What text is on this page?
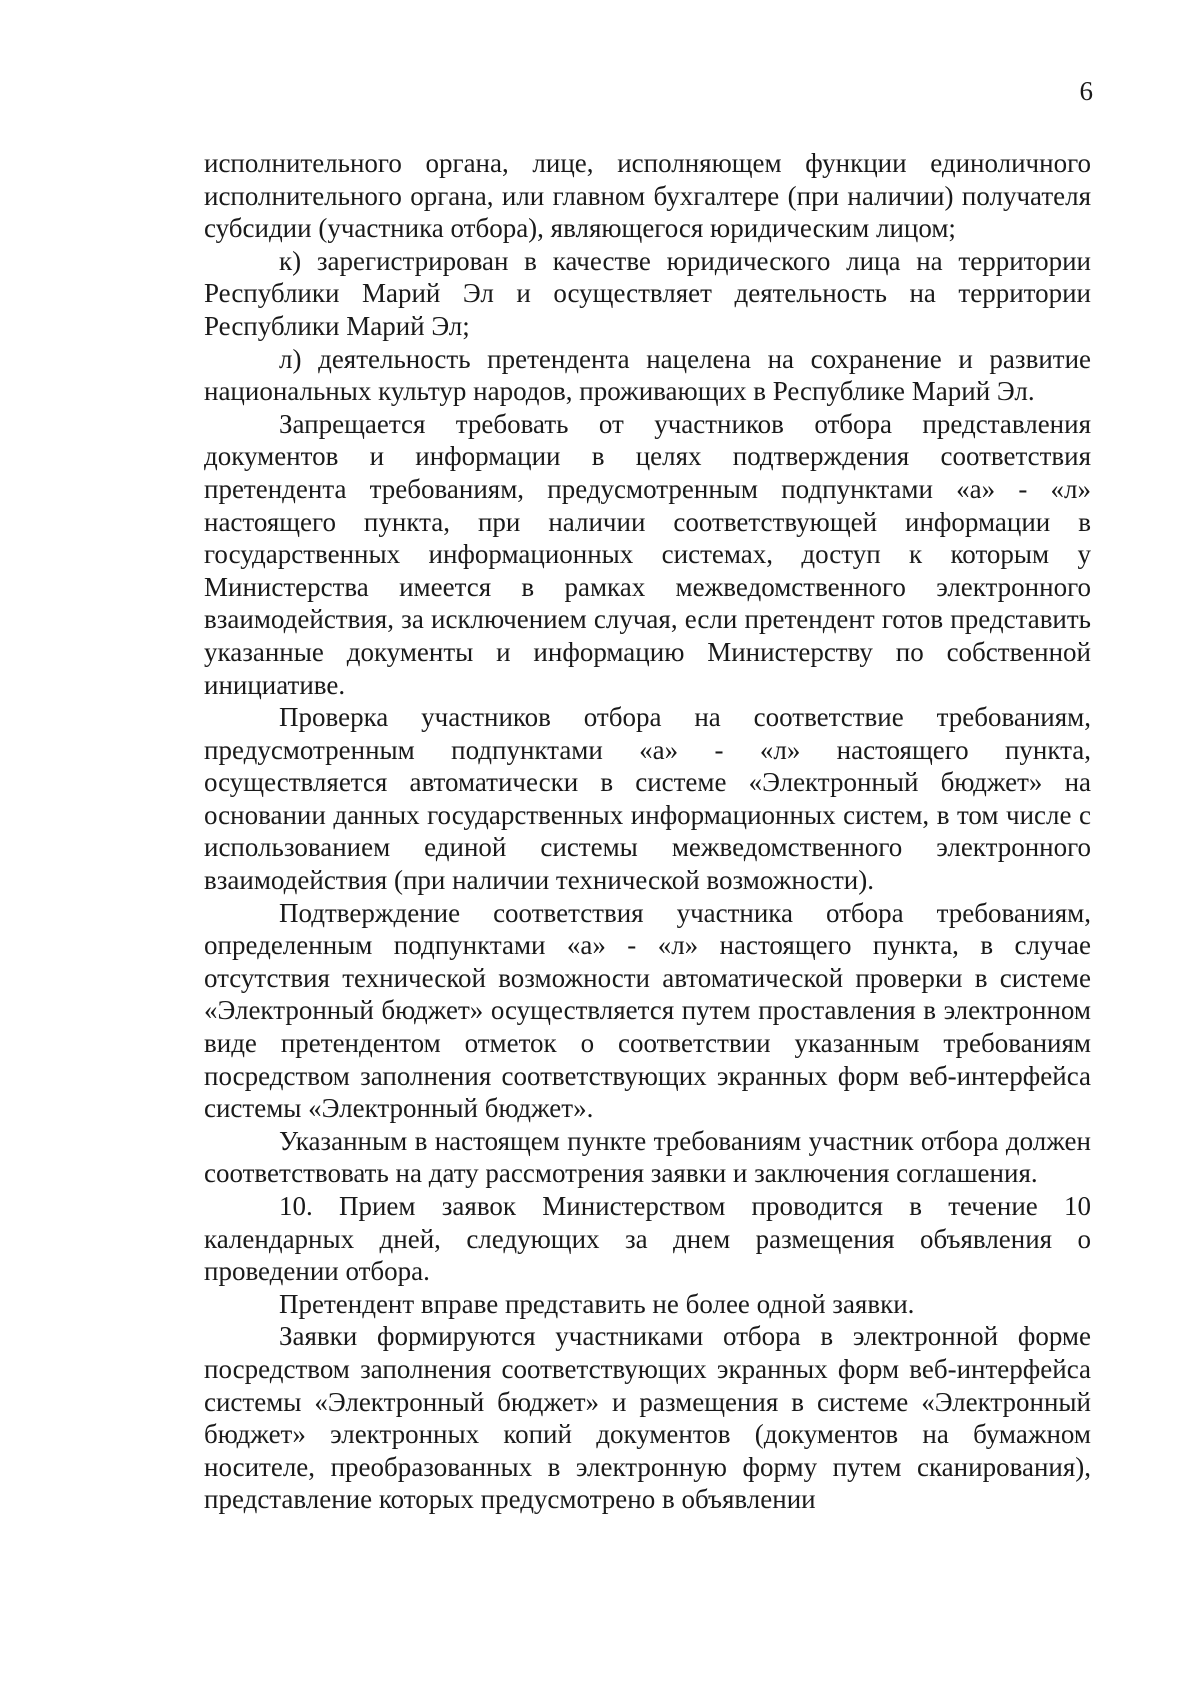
6

исполнительного органа, лице, исполняющем функции единоличного исполнительного органа, или главном бухгалтере (при наличии) получателя субсидии (участника отбора), являющегося юридическим лицом;

к) зарегистрирован в качестве юридического лица на территории Республики Марий Эл и осуществляет деятельность на территории Республики Марий Эл;

л) деятельность претендента нацелена на сохранение и развитие национальных культур народов, проживающих в Республике Марий Эл.

Запрещается требовать от участников отбора представления документов и информации в целях подтверждения соответствия претендента требованиям, предусмотренным подпунктами «а» - «л» настоящего пункта, при наличии соответствующей информации в государственных информационных системах, доступ к которым у Министерства имеется в рамках межведомственного электронного взаимодействия, за исключением случая, если претендент готов представить указанные документы и информацию Министерству по собственной инициативе.

Проверка участников отбора на соответствие требованиям, предусмотренным подпунктами «а» - «л» настоящего пункта, осуществляется автоматически в системе «Электронный бюджет» на основании данных государственных информационных систем, в том числе с использованием единой системы межведомственного электронного взаимодействия (при наличии технической возможности).

Подтверждение соответствия участника отбора требованиям, определенным подпунктами «а» - «л» настоящего пункта, в случае отсутствия технической возможности автоматической проверки в системе «Электронный бюджет» осуществляется путем проставления в электронном виде претендентом отметок о соответствии указанным требованиям посредством заполнения соответствующих экранных форм веб-интерфейса системы «Электронный бюджет».

Указанным в настоящем пункте требованиям участник отбора должен соответствовать на дату рассмотрения заявки и заключения соглашения.

10. Прием заявок Министерством проводится в течение 10 календарных дней, следующих за днем размещения объявления о проведении отбора.

Претендент вправе представить не более одной заявки.

Заявки формируются участниками отбора в электронной форме посредством заполнения соответствующих экранных форм веб-интерфейса системы «Электронный бюджет» и размещения в системе «Электронный бюджет» электронных копий документов (документов на бумажном носителе, преобразованных в электронную форму путем сканирования), представление которых предусмотрено в объявлении
